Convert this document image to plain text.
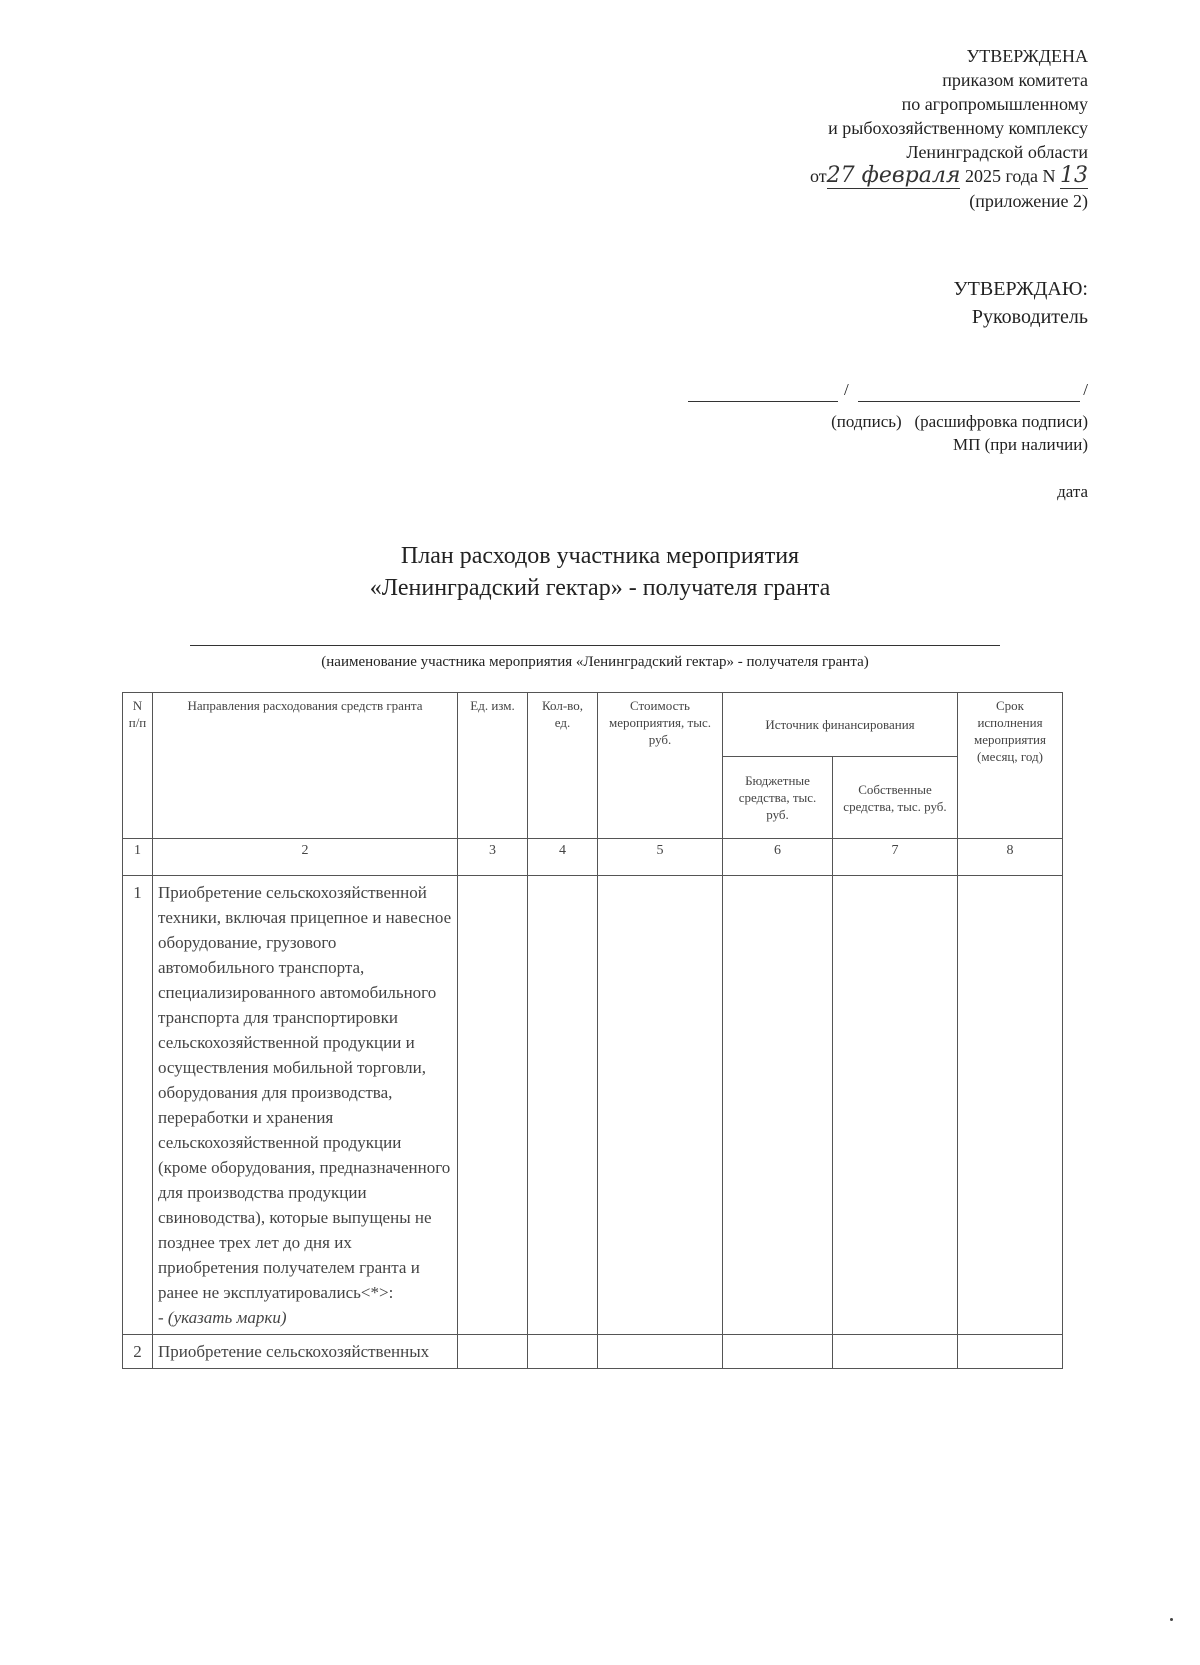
УТВЕРЖДЕНА
приказом комитета
по агропромышленному
и рыбохозяйственному комплексу
Ленинградской области
от27 февраля 2025 года N 13
(приложение 2)
УТВЕРЖДАЮ:
Руководитель
/	/
(подпись)   (расшифровка подписи)
МП (при наличии)
дата
План расходов участника мероприятия
«Ленинградский гектар» - получателя гранта
(наименование участника мероприятия «Ленинградский гектар» - получателя гранта)
N п/п	Направления расходования средств гранта	Ед. изм.	Кол-во, ед.	Стоимость мероприятия, тыс. руб.	Источник финансирования		Срок исполнения мероприятия (месяц, год)
					Бюджетные средства, тыс. руб.	Собственные средства, тыс. руб.	
1	2	3	4	5	6	7	8
1	Приобретение сельскохозяйственной техники, включая прицепное и навесное оборудование, грузового автомобильного транспорта, специализированного автомобильного транспорта для транспортировки сельскохозяйственной продукции и осуществления мобильной торговли, оборудования для производства, переработки и хранения сельскохозяйственной продукции (кроме оборудования, предназначенного для производства продукции свиноводства), которые выпущены не позднее трех лет до дня их приобретения получателем гранта и ранее не эксплуатировались<*>:
- (указать марки)						

2	Приобретение сельскохозяйственных						
